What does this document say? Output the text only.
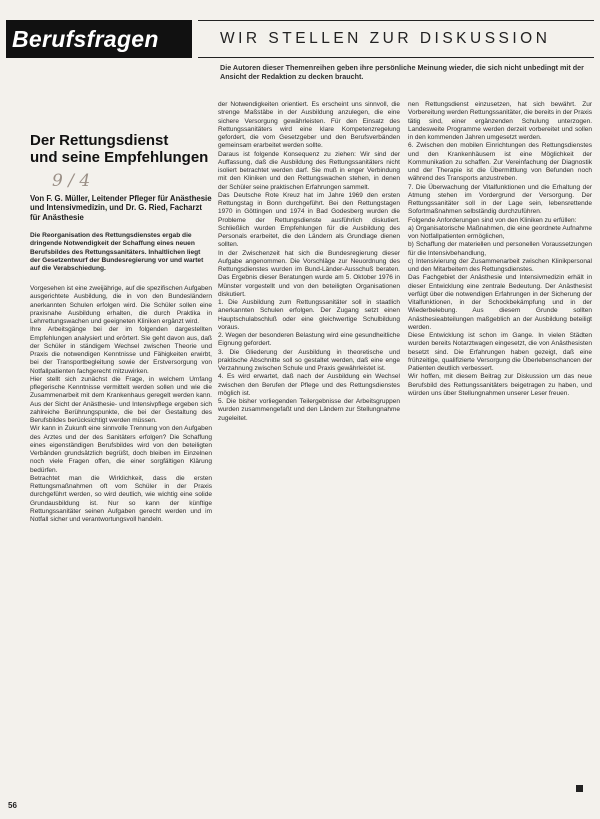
Berufsfragen	WIR STELLEN ZUR DISKUSSION
Die Autoren dieser Themenreihen geben ihre persönliche Meinung wieder, die sich nicht unbedingt mit der Ansicht der Redaktion zu decken braucht.
Der Rettungsdienst
und seine Empfehlungen
9 / 4
Von F. G. Müller, Leitender Pfleger für Anästhesie und Intensivmedizin, und Dr. G. Ried, Facharzt für Anästhesie
Die Reorganisation des Rettungsdienstes ergab die dringende Notwendigkeit der Schaffung eines neuen Berufsbildes des Rettungssanitäters. Inhaltlichen liegt der Gesetzentwurf der Bundesregierung vor und wartet auf die Verabschiedung.

Vorgesehen ist eine zweijährige, auf die spezifischen Aufgaben ausgerichtete Ausbildung, die in von den Bundesländern anerkannten Schulen erfolgen wird. Die Schüler sollen eine praxisnahe Ausbildung erhalten, die durch Praktika in Lehrrettungswachen und geeigneten Kliniken ergänzt wird.

Ihre Arbeitsgänge bei der im folgenden dargestellten Empfehlungen analysiert und erörtert. Sie geht davon aus, daß der Schüler in ständigem Wechsel zwischen Theorie und Praxis die notwendigen Kenntnisse und Fähigkeiten erwirbt, bei der Transportbegleitung sowie der Erstversorgung von Notfallpatienten fachgerecht mitzuwirken.

Hier stellt sich zunächst die Frage, in welchem Umfang pflegerische Kenntnisse vermittelt werden sollen und wie die Zusammenarbeit mit dem Krankenhaus geregelt werden kann. Aus der Sicht der Anästhesie- und Intensivpflege ergeben sich zahlreiche Berührungspunkte, die bei der Gestaltung des Berufsbildes berücksichtigt werden müssen.

Wir kann in Zukunft eine sinnvolle Trennung von den Aufgaben des Arztes und der des Sanitäters erfolgen? Die Schaffung eines eigenständigen Berufsbildes wird von den beteiligten Verbänden grundsätzlich begrüßt, doch bleiben im Einzelnen noch viele Fragen offen, die einer sorgfältigen Klärung bedürfen.

Betrachtet man die Wirklichkeit, dass die ersten Rettungsmaßnahmen oft vom Schüler in der Praxis durchgeführt werden, so wird deutlich, wie wichtig eine solide Grundausbildung ist. Nur so kann der künftige Rettungssanitäter seinen Aufgaben gerecht werden und im Notfall sicher und verantwortungsvoll handeln.

der Notwendigkeiten orientiert. Es erscheint uns sinnvoll, die strenge Maßstäbe in der Ausbildung anzulegen, die eine sichere Versorgung gewährleisten. Für den Einsatz des Rettungssanitäters wird eine klare Kompetenzregelung gefordert, die vom Gesetzgeber und den Berufsverbänden gemeinsam erarbeitet werden sollte.

Daraus ist folgende Konsequenz zu ziehen: Wir sind der Auffassung, daß die Ausbildung des Rettungssanitäters nicht isoliert betrachtet werden darf. Sie muß in enger Verbindung mit den Kliniken und den Rettungswachen stehen, in denen der Schüler seine praktischen Erfahrungen sammelt.

Das Deutsche Rote Kreuz hat im Jahre 1969 den ersten Rettungstag in Bonn durchgeführt. Bei den Rettungstagen 1970 in Göttingen und 1974 in Bad Godesberg wurden die Probleme der Rettungsdienste ausführlich diskutiert. Schließlich wurden Empfehlungen für die Ausbildung des Personals erarbeitet, die den Ländern als Grundlage dienen sollten.

In der Zwischenzeit hat sich die Bundesregierung dieser Aufgabe angenommen. Die Vorschläge zur Neuordnung des Rettungsdienstes wurden im Bund-Länder-Ausschuß beraten. Das Ergebnis dieser Beratungen wurde am 5. Oktober 1976 in Münster vorgestellt und von den beteiligten Organisationen diskutiert.

1. Die Ausbildung zum Rettungssanitäter soll in staatlich anerkannten Schulen erfolgen. Der Zugang setzt einen Hauptschulabschluß oder eine gleichwertige Schulbildung voraus.

2. Wegen der besonderen Belastung wird eine gesundheitliche Eignung gefordert.

3. Die Gliederung der Ausbildung in theoretische und praktische Abschnitte soll so gestaltet werden, daß eine enge Verzahnung zwischen Schule und Praxis gewährleistet ist.

4. Es wird erwartet, daß nach der Ausbildung ein Wechsel zwischen den Berufen der Pflege und des Rettungsdienstes möglich ist.

5. Die bisher vorliegenden Teilergebnisse der Arbeitsgruppen wurden zusammengefaßt und den Ländern zur Stellungnahme zugeleitet.

nen Rettungsdienst einzusetzen, hat sich bewährt. Zur Vorbereitung werden Rettungssanitäter, die bereits in der Praxis tätig sind, einer ergänzenden Schulung unterzogen. Landesweite Programme werden derzeit vorbereitet und sollen in den kommenden Jahren umgesetzt werden.

6. Zwischen den mobilen Einrichtungen des Rettungsdienstes und den Krankenhäusern ist eine Möglichkeit der Kommunikation zu schaffen. Zur Vereinfachung der Diagnostik und der Therapie ist die Übermittlung von Befunden noch während des Transports anzustreben.

7. Die Überwachung der Vitalfunktionen und die Erhaltung der Atmung stehen im Vordergrund der Versorgung. Der Rettungssanitäter soll in der Lage sein, lebensrettende Sofortmaßnahmen selbständig durchzuführen.

Folgende Anforderungen sind von den Kliniken zu erfüllen:

a) Organisatorische Maßnahmen, die eine geordnete Aufnahme von Notfallpatienten ermöglichen,

b) Schaffung der materiellen und personellen Voraussetzungen für die Intensivbehandlung,

c) Intensivierung der Zusammenarbeit zwischen Klinikpersonal und den Mitarbeitern des Rettungsdienstes.

Das Fachgebiet der Anästhesie und Intensivmedizin erhält in dieser Entwicklung eine zentrale Bedeutung. Der Anästhesist verfügt über die notwendigen Erfahrungen in der Sicherung der Vitalfunktionen, in der Schockbekämpfung und in der Wiederbelebung. Aus diesem Grunde sollten Anästhesieabteilungen maßgeblich an der Ausbildung beteiligt werden.

Diese Entwicklung ist schon im Gange. In vielen Städten wurden bereits Notarztwagen eingesetzt, die von Anästhesisten besetzt sind. Die Erfahrungen haben gezeigt, daß eine frühzeitige, qualifizierte Versorgung die Überlebenschancen der Patienten deutlich verbessert.

Wir hoffen, mit diesem Beitrag zur Diskussion um das neue Berufsbild des Rettungssanitäters beigetragen zu haben, und würden uns über Stellungnahmen unserer Leser freuen.

56
